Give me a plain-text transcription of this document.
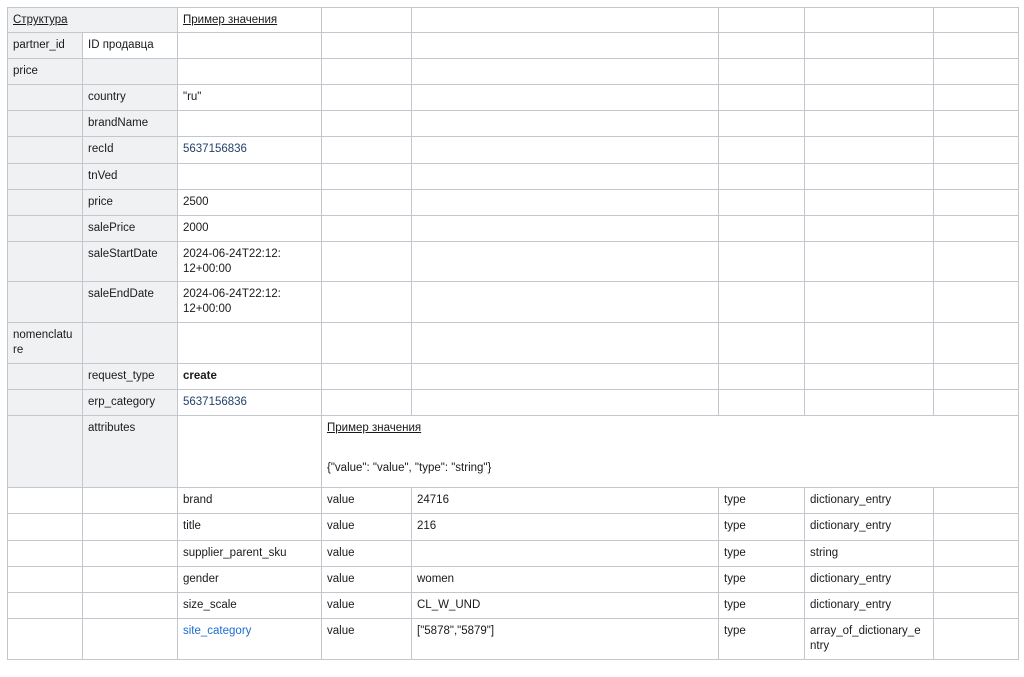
Структура		Пример значения					
partner_id	ID продавца						
price							
	country	"ru"					
	brandName						
	recId	5637156836					
	tnVed						
	price	2500					
	salePrice	2000					
	saleStartDate	2024-06-24T22:12:
12+00:00					
	saleEndDate	2024-06-24T22:12:
12+00:00					
nomenclatu
re							
	request_type	create					
	erp_category	5637156836					
	attributes		Пример значения
{"value": "value", "type": "string"}				

		brand	value	24716	type	dictionary_entry	
		title	value	216	type	dictionary_entry	
		supplier_parent_sku	value		type	string	
		gender	value	women	type	dictionary_entry	
		size_scale	value	CL_W_UND	type	dictionary_entry	
		site_category	value	["5878","5879"]	type	array_of_dictionary_e
ntry	
